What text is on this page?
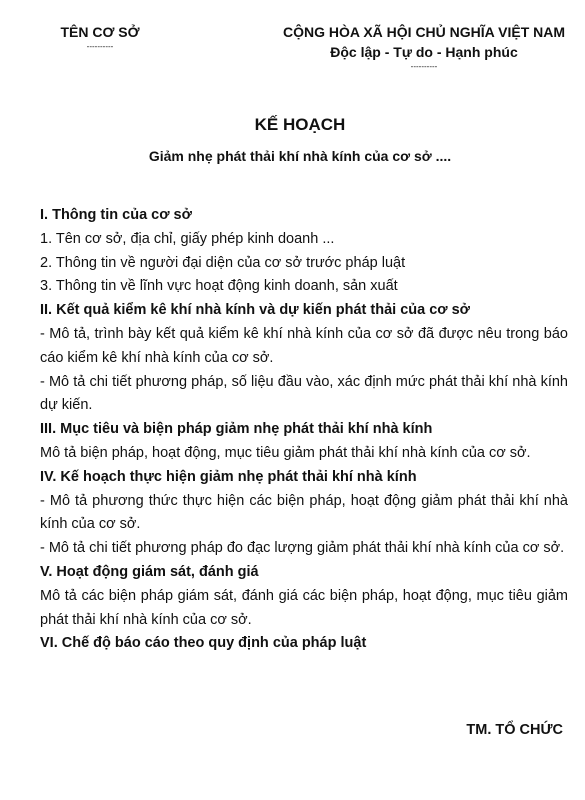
TÊN CƠ SỞ
----------
CỘNG HÒA XÃ HỘI CHỦ NGHĨA VIỆT NAM
Độc lập - Tự do - Hạnh phúc
----------
KẾ HOẠCH
Giảm nhẹ phát thải khí nhà kính của cơ sở ....
I. Thông tin của cơ sở
1. Tên cơ sở, địa chỉ, giấy phép kinh doanh ...
2. Thông tin về người đại diện của cơ sở trước pháp luật
3. Thông tin về lĩnh vực hoạt động kinh doanh, sản xuất
II. Kết quả kiểm kê khí nhà kính và dự kiến phát thải của cơ sở
- Mô tả, trình bày kết quả kiểm kê khí nhà kính của cơ sở đã được nêu trong báo cáo kiểm kê khí nhà kính của cơ sở.
- Mô tả chi tiết phương pháp, số liệu đầu vào, xác định mức phát thải khí nhà kính dự kiến.
III. Mục tiêu và biện pháp giảm nhẹ phát thải khí nhà kính
Mô tả biện pháp, hoạt động, mục tiêu giảm phát thải khí nhà kính của cơ sở.
IV. Kế hoạch thực hiện giảm nhẹ phát thải khí nhà kính
- Mô tả phương thức thực hiện các biện pháp, hoạt động giảm phát thải khí nhà kính của cơ sở.
- Mô tả chi tiết phương pháp đo đạc lượng giảm phát thải khí nhà kính của cơ sở.
V. Hoạt động giám sát, đánh giá
Mô tả các biện pháp giám sát, đánh giá các biện pháp, hoạt động, mục tiêu giảm phát thải khí nhà kính của cơ sở.
VI. Chế độ báo cáo theo quy định của pháp luật
TM. TỔ CHỨC
